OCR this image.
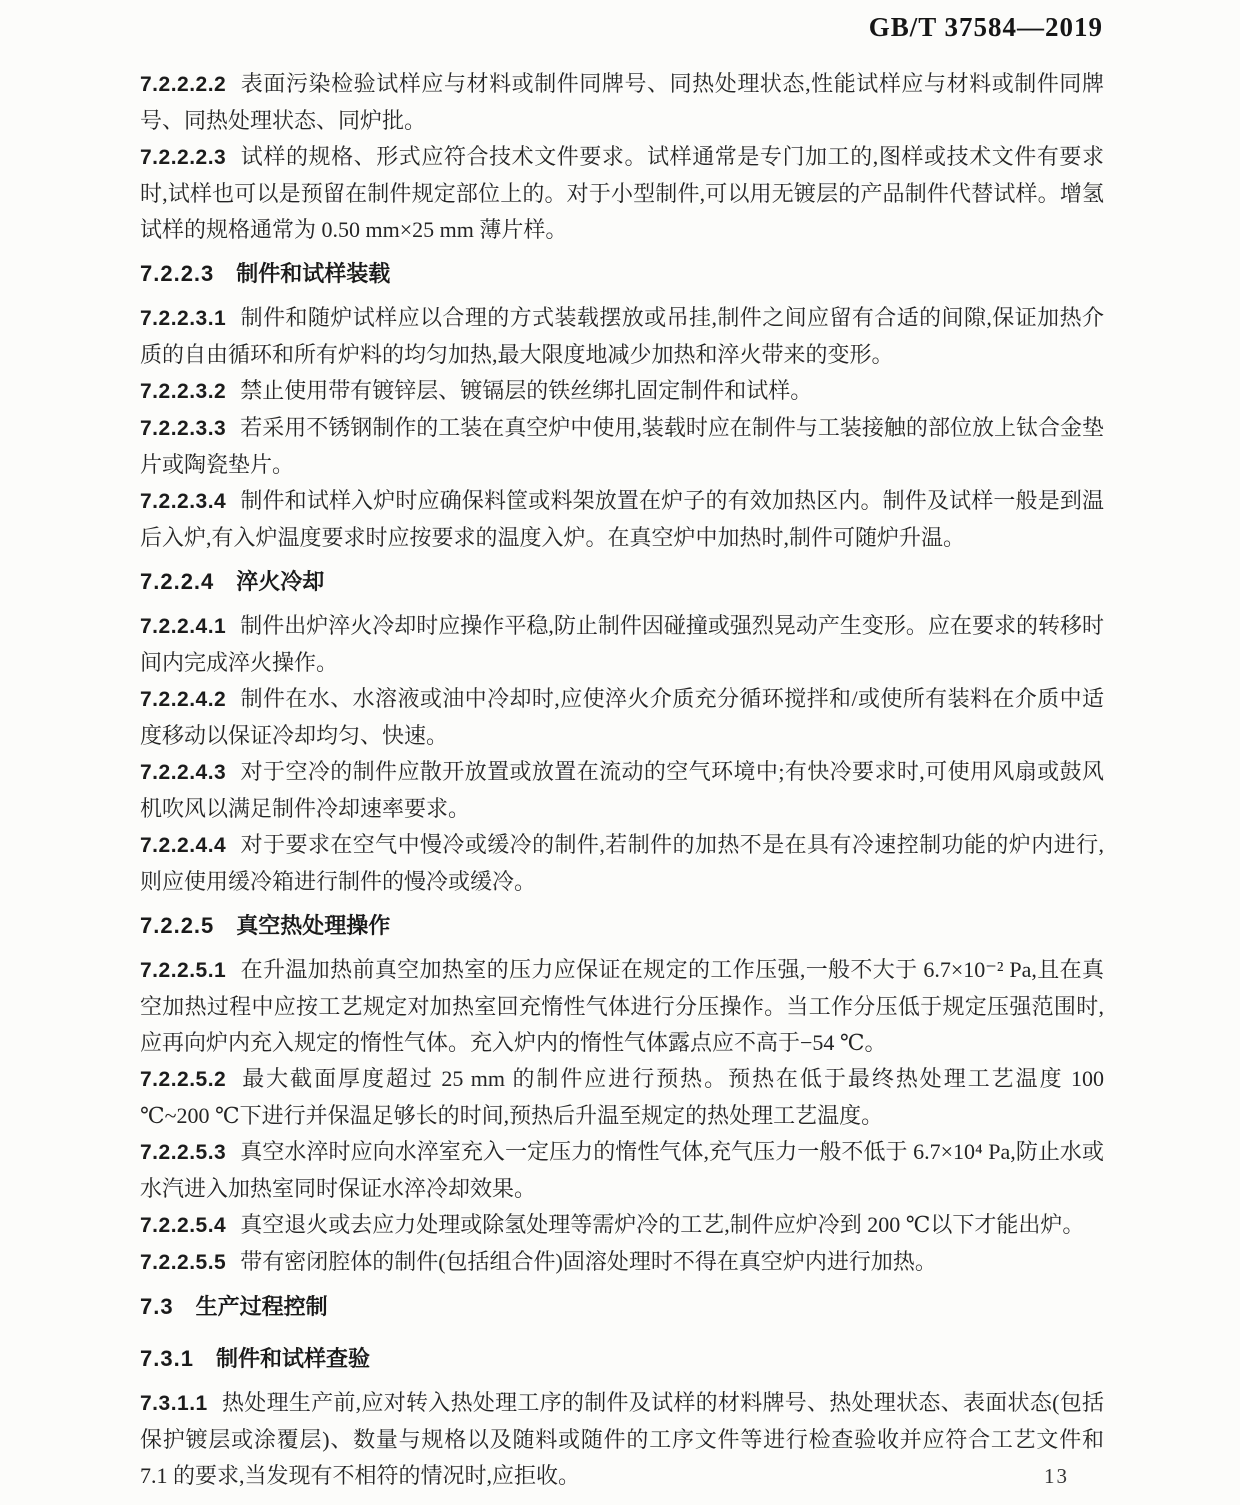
GB/T 37584—2019

7.2.2.2.2 表面污染检验试样应与材料或制件同牌号、同热处理状态,性能试样应与材料或制件同牌号、同热处理状态、同炉批。

7.2.2.2.3 试样的规格、形式应符合技术文件要求。试样通常是专门加工的,图样或技术文件有要求时,试样也可以是预留在制件规定部位上的。对于小型制件,可以用无镀层的产品制件代替试样。增氢试样的规格通常为 0.50 mm×25 mm 薄片样。

7.2.2.3 制件和试样装载

7.2.2.3.1 制件和随炉试样应以合理的方式装载摆放或吊挂,制件之间应留有合适的间隙,保证加热介质的自由循环和所有炉料的均匀加热,最大限度地减少加热和淬火带来的变形。

7.2.2.3.2 禁止使用带有镀锌层、镀镉层的铁丝绑扎固定制件和试样。

7.2.2.3.3 若采用不锈钢制作的工装在真空炉中使用,装载时应在制件与工装接触的部位放上钛合金垫片或陶瓷垫片。

7.2.2.3.4 制件和试样入炉时应确保料筐或料架放置在炉子的有效加热区内。制件及试样一般是到温后入炉,有入炉温度要求时应按要求的温度入炉。在真空炉中加热时,制件可随炉升温。

7.2.2.4 淬火冷却

7.2.2.4.1 制件出炉淬火冷却时应操作平稳,防止制件因碰撞或强烈晃动产生变形。应在要求的转移时间内完成淬火操作。

7.2.2.4.2 制件在水、水溶液或油中冷却时,应使淬火介质充分循环搅拌和/或使所有装料在介质中适度移动以保证冷却均匀、快速。

7.2.2.4.3 对于空冷的制件应散开放置或放置在流动的空气环境中;有快冷要求时,可使用风扇或鼓风机吹风以满足制件冷却速率要求。

7.2.2.4.4 对于要求在空气中慢冷或缓冷的制件,若制件的加热不是在具有冷速控制功能的炉内进行,则应使用缓冷箱进行制件的慢冷或缓冷。

7.2.2.5 真空热处理操作

7.2.2.5.1 在升温加热前真空加热室的压力应保证在规定的工作压强,一般不大于 6.7×10⁻² Pa,且在真空加热过程中应按工艺规定对加热室回充惰性气体进行分压操作。当工作分压低于规定压强范围时,应再向炉内充入规定的惰性气体。充入炉内的惰性气体露点应不高于−54 ℃。

7.2.2.5.2 最大截面厚度超过 25 mm 的制件应进行预热。预热在低于最终热处理工艺温度 100 ℃~200 ℃下进行并保温足够长的时间,预热后升温至规定的热处理工艺温度。

7.2.2.5.3 真空水淬时应向水淬室充入一定压力的惰性气体,充气压力一般不低于 6.7×10⁴ Pa,防止水或水汽进入加热室同时保证水淬冷却效果。

7.2.2.5.4 真空退火或去应力处理或除氢处理等需炉冷的工艺,制件应炉冷到 200 ℃以下才能出炉。

7.2.2.5.5 带有密闭腔体的制件(包括组合件)固溶处理时不得在真空炉内进行加热。

7.3 生产过程控制
7.3.1 制件和试样查验

7.3.1.1 热处理生产前,应对转入热处理工序的制件及试样的材料牌号、热处理状态、表面状态(包括保护镀层或涂覆层)、数量与规格以及随料或随件的工序文件等进行检查验收并应符合工艺文件和 7.1 的要求,当发现有不相符的情况时,应拒收。	13
